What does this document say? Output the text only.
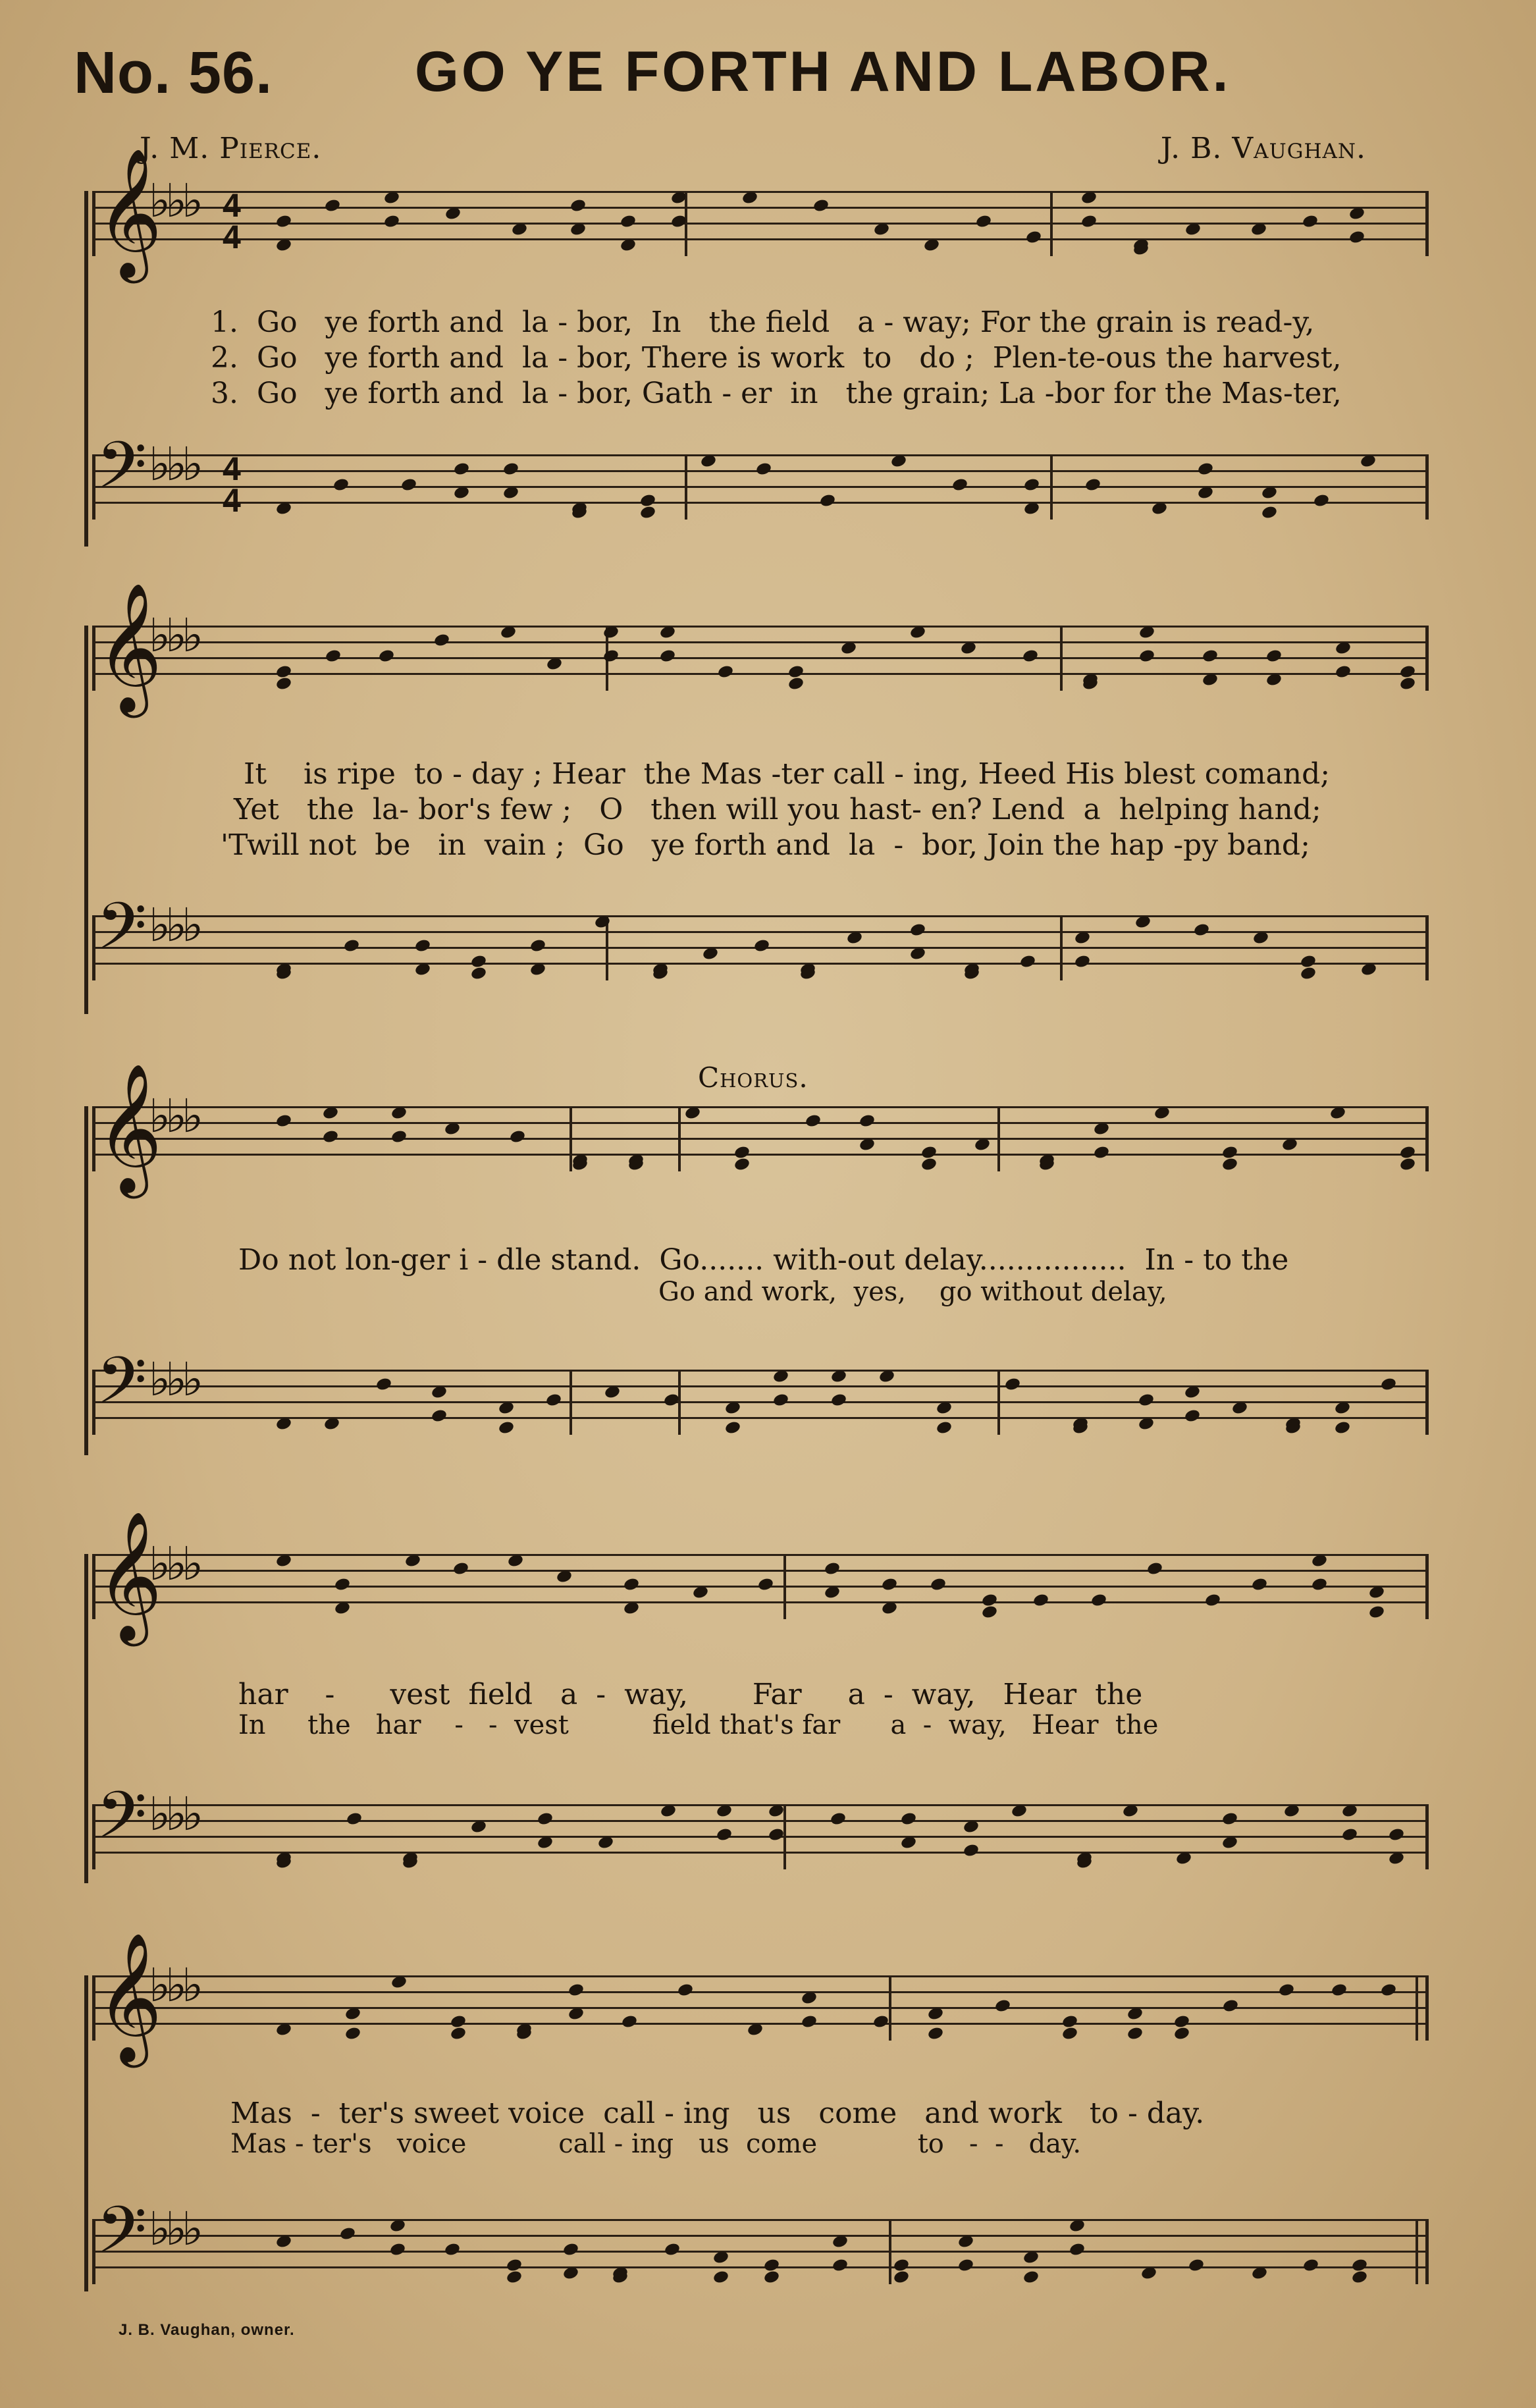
No. 56.	GO YE FORTH AND LABOR.
J. M. Pierce.	J. B. Vaughan.
𝄞
♭♭♭ 4
4
1.  Go   ye forth and  la - bor,  In   the field   a - way; For the grain is read-y,
2.  Go   ye forth and  la - bor, There is work  to   do ;  Plen-te-ous the harvest,
3.  Go   ye forth and  la - bor, Gath - er  in   the grain; La -bor for the Mas-ter,
𝄢 ♭♭♭ 4
4
𝄞
♭♭♭
It    is ripe  to - day ; Hear  the Mas -ter call - ing, Heed His blest comand;
Yet   the  la- bor's few ;   O   then will you hast- en? Lend  a  helping hand;
'Twill not  be   in  vain ;  Go   ye forth and  la  -  bor, Join the hap -py band;
𝄢 ♭♭♭
Chorus.
𝄞
♭♭♭
Do not lon-ger i - dle stand.  Go....... with-out delay................  In - to the
Go and work,  yes,    go without delay,
𝄢 ♭♭♭
𝄞
♭♭♭
har    -      vest  field   a  -  way,       Far     a  -  way,   Hear  the
In     the   har    -   -  vest          field that's far      a  -  way,   Hear  the
𝄢 ♭♭♭
𝄞
♭♭♭
Mas  -  ter's sweet voice  call - ing   us   come   and work   to - day.
Mas - ter's   voice           call - ing   us  come            to   -  -   day.
𝄢 ♭♭♭
J. B. Vaughan, owner.
